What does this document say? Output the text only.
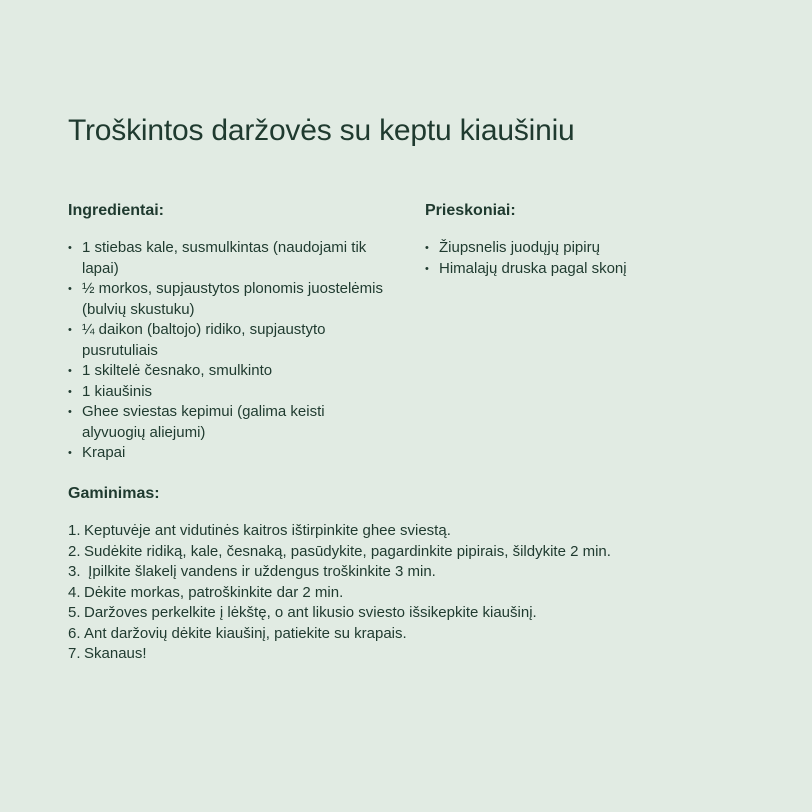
Troškintos daržovės su keptu kiaušiniu
Ingredientai:
• 1 stiebas kale, susmulkintas (naudojami tik lapai)
• ½ morkos, supjaustytos plonomis juostelėmis (bulvių skustuku)
• ¼ daikon (baltojo) ridiko, supjaustyto pusrutuliais
• 1 skiltelė česnako, smulkinto
• 1 kiaušinis
• Ghee sviestas kepimui (galima keisti alyvuogių aliejumi)
• Krapai
Prieskoniai:
• Žiupsnelis juodųjų pipirų
• Himalajų druska pagal skonį
Gaminimas:
1. Keptuvėje ant vidutinės kaitros ištirpinkite ghee sviestą.
2. Sudėkite ridiką, kale, česnaką, pasūdykite, pagardinkite pipirais, šildykite 2 min.
3. Įpilkite šlakelį vandens ir uždengus troškinkite 3 min.
4. Dėkite morkas, patroškinkite dar 2 min.
5. Daržoves perkelkite į lėkštę, o ant likusio sviesto išsikepkite kiaušinį.
6. Ant daržovių dėkite kiaušinį, patiekite su krapais.
7. Skanaus!
